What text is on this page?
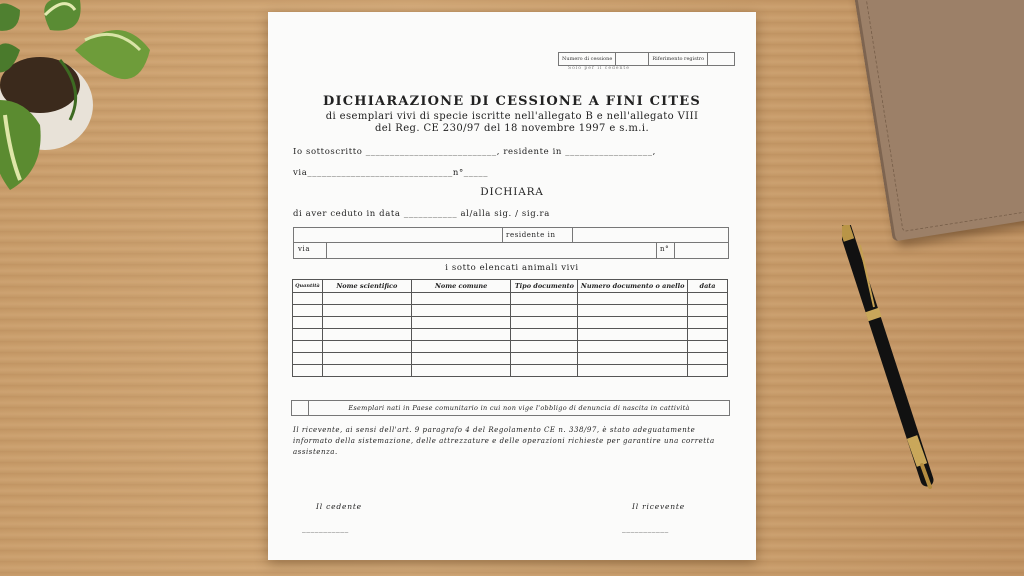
Numero di cessione	Riferimento registro
Solo per il cedente
DICHIARAZIONE DI CESSIONE A FINI CITES
di esemplari vivi di specie iscritte nell'allegato B e nell'allegato VIII
del Reg. CE 230/97 del 18 novembre 1997 e s.m.i.
Io sottoscritto ___________________________, residente in __________________,
via______________________________n°_____
DICHIARA
di aver ceduto in data ___________ al/alla sig. / sig.ra
residente in
via	n°
i sotto elencati animali vivi
Quantità	Nome scientifico	Nome comune	Tipo documento	Numero documento o anello	data

Esemplari nati in Paese comunitario in cui non vige l'obbligo di denuncia di nascita in cattività
Il ricevente, ai sensi dell'art. 9 paragrafo 4 del Regolamento CE n. 338/97, è stato adeguatamente informato della sistemazione, delle attrezzature e delle operazioni richieste per garantire una corretta assistenza.
Il cedente	Il ricevente
___________	___________
